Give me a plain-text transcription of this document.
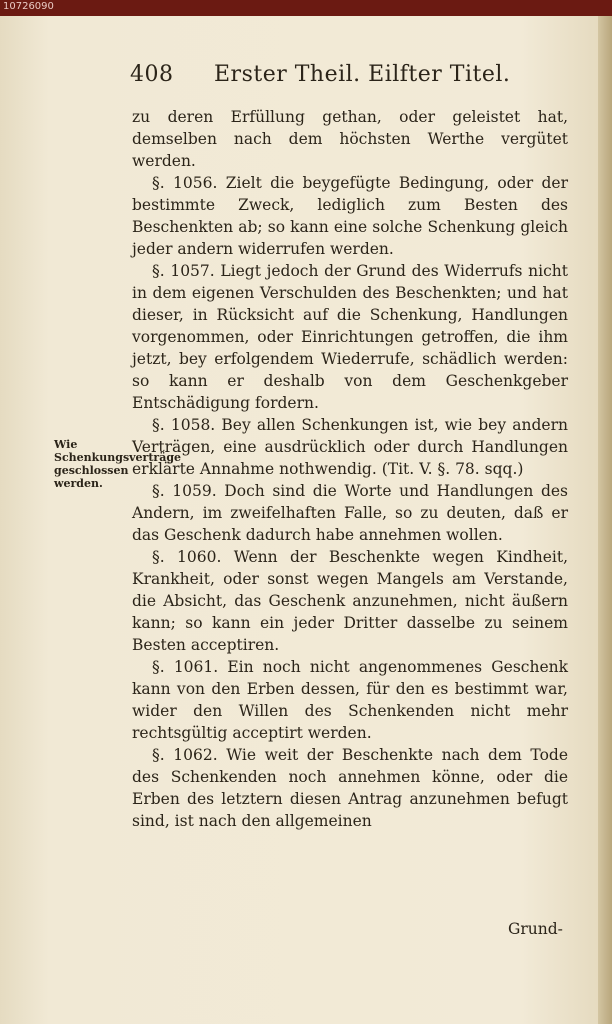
10726090
408 Erster Theil. Eilfter Titel.
Wie Schenkungsverträge geschlossen werden.

zu deren Erfüllung gethan, oder geleistet hat, demselben nach dem höchsten Werthe vergütet werden.

§. 1056. Zielt die beygefügte Bedingung, oder der bestimmte Zweck, lediglich zum Besten des Beschenkten ab; so kann eine solche Schenkung gleich jeder andern widerrufen werden.

§. 1057. Liegt jedoch der Grund des Widerrufs nicht in dem eigenen Verschulden des Beschenkten; und hat dieser, in Rücksicht auf die Schenkung, Handlungen vorgenommen, oder Einrichtungen getroffen, die ihm jetzt, bey erfolgendem Wiederrufe, schädlich werden: so kann er deshalb von dem Geschenkgeber Entschädigung fordern.

§. 1058. Bey allen Schenkungen ist, wie bey andern Verträgen, eine ausdrücklich oder durch Handlungen erklärte Annahme nothwendig. (Tit. V. §. 78. sqq.)

§. 1059. Doch sind die Worte und Handlungen des Andern, im zweifelhaften Falle, so zu deuten, daß er das Geschenk dadurch habe annehmen wollen.

§. 1060. Wenn der Beschenkte wegen Kindheit, Krankheit, oder sonst wegen Mangels am Verstande, die Absicht, das Geschenk anzunehmen, nicht äußern kann; so kann ein jeder Dritter dasselbe zu seinem Besten acceptiren.

§. 1061. Ein noch nicht angenommenes Geschenk kann von den Erben dessen, für den es bestimmt war, wider den Willen des Schenkenden nicht mehr rechtsgültig acceptirt werden.

§. 1062. Wie weit der Beschenkte nach dem Tode des Schenkenden noch annehmen könne, oder die Erben des letztern diesen Antrag anzunehmen befugt sind, ist nach den allgemeinen

Grund-
